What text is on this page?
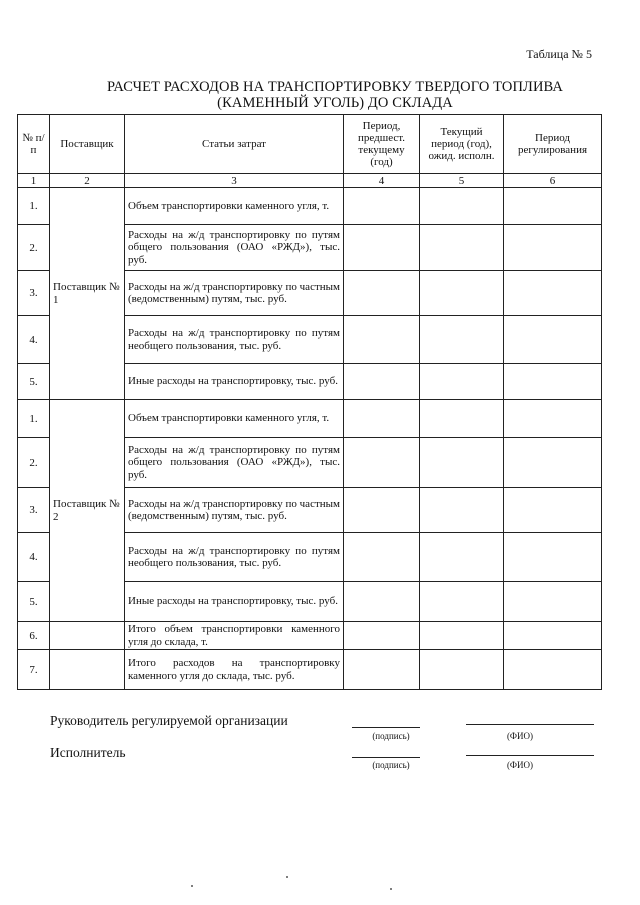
Таблица № 5
РАСЧЕТ РАСХОДОВ НА ТРАНСПОРТИРОВКУ ТВЕРДОГО ТОПЛИВА
(КАМЕННЫЙ УГОЛЬ) ДО СКЛАДА
№ п/п	Поставщик	Статьи затрат	Период, предшест. текущему (год)	Текущий период (год), ожид. исполн.	Период регулирования
1	2	3	4	5	6
1.	Поставщик № 1	Объем транспортировки каменного угля, т.			
2.		Расходы на ж/д транспортировку по путям общего пользования (ОАО «РЖД»), тыс. руб.			
3.		Расходы на ж/д транспортировку по частным (ведомственным) путям, тыс. руб.			
4.		Расходы на ж/д транспортировку по путям необщего пользования, тыс. руб.			
5.		Иные расходы на транспортировку, тыс. руб.			
1.	Поставщик № 2	Объем транспортировки каменного угля, т.			
2.		Расходы на ж/д транспортировку по путям общего пользования (ОАО «РЖД»), тыс. руб.			
3.		Расходы на ж/д транспортировку по частным (ведомственным) путям, тыс. руб.			
4.		Расходы на ж/д транспортировку по путям необщего пользования, тыс. руб.			
5.		Иные расходы на транспортировку, тыс. руб.			
6.		Итого объем транспортировки каменного угля до склада, т.			
7.		Итого расходов на транспортировку каменного угля до склада, тыс. руб.			
Руководитель регулируемой организации
(подпись)	(ФИО)
Исполнитель
(подпись)	(ФИО)
